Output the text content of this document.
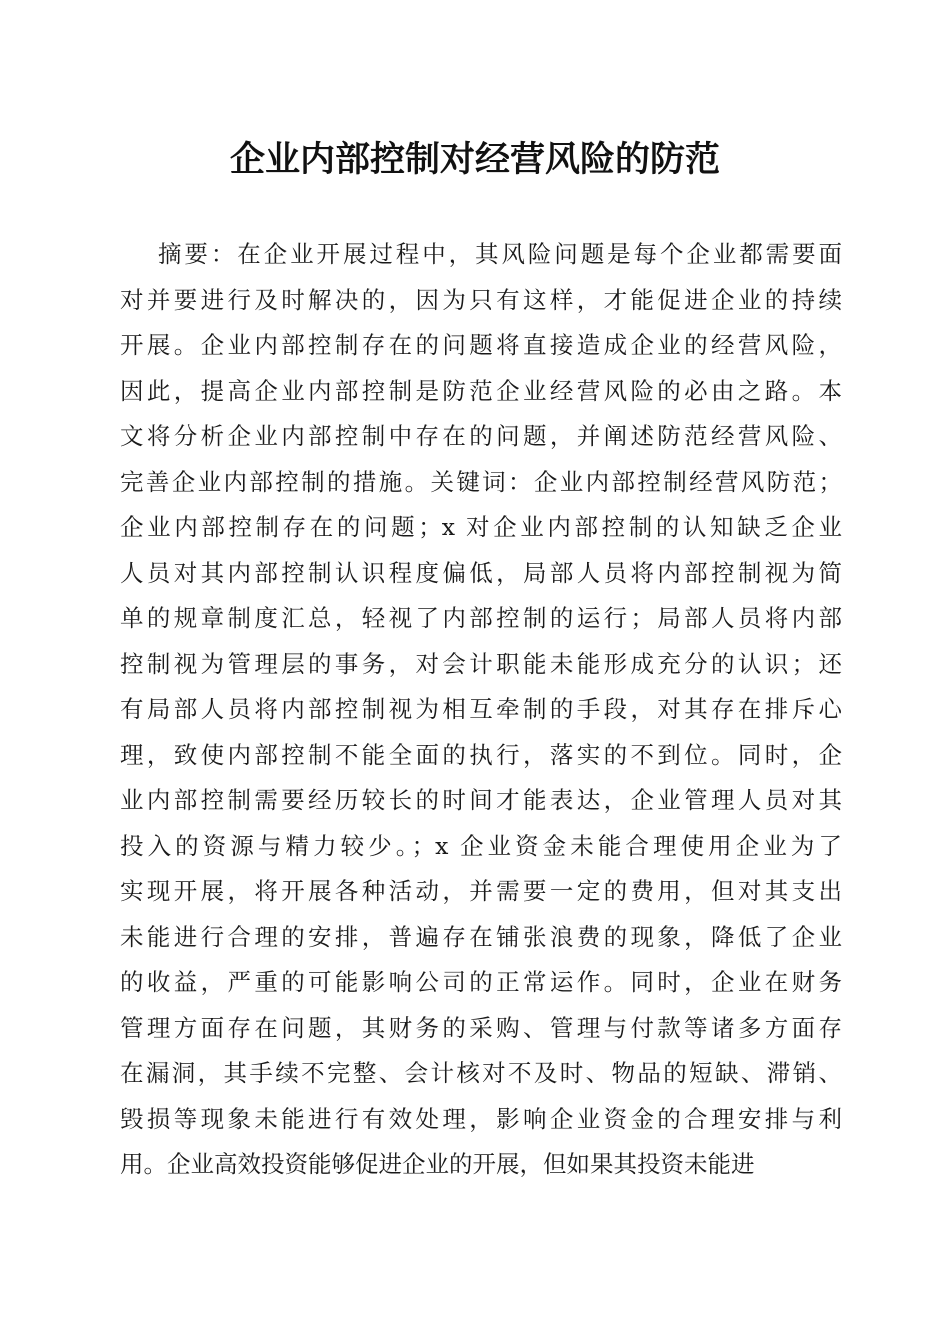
企业内部控制对经营风险的防范
摘要：在企业开展过程中，其风险问题是每个企业都需要面
对并要进行及时解决的，因为只有这样，才能促进企业的持续
开展。企业内部控制存在的问题将直接造成企业的经营风险，
因此，提高企业内部控制是防范企业经营风险的必由之路。本
文将分析企业内部控制中存在的问题，并阐述防范经营风险、
完善企业内部控制的措施。关键词：企业内部控制经营风防范；
企业内部控制存在的问题；x 对企业内部控制的认知缺乏企业
人员对其内部控制认识程度偏低，局部人员将内部控制视为简
单的规章制度汇总，轻视了内部控制的运行；局部人员将内部
控制视为管理层的事务，对会计职能未能形成充分的认识；还
有局部人员将内部控制视为相互牵制的手段，对其存在排斥心
理，致使内部控制不能全面的执行，落实的不到位。同时，企
业内部控制需要经历较长的时间才能表达，企业管理人员对其
投入的资源与精力较少。；x 企业资金未能合理使用企业为了
实现开展，将开展各种活动，并需要一定的费用，但对其支出
未能进行合理的安排，普遍存在铺张浪费的现象，降低了企业
的收益，严重的可能影响公司的正常运作。同时，企业在财务
管理方面存在问题，其财务的采购、管理与付款等诸多方面存
在漏洞，其手续不完整、会计核对不及时、物品的短缺、滞销、
毁损等现象未能进行有效处理，影响企业资金的合理安排与利
用。企业高效投资能够促进企业的开展，但如果其投资未能进
